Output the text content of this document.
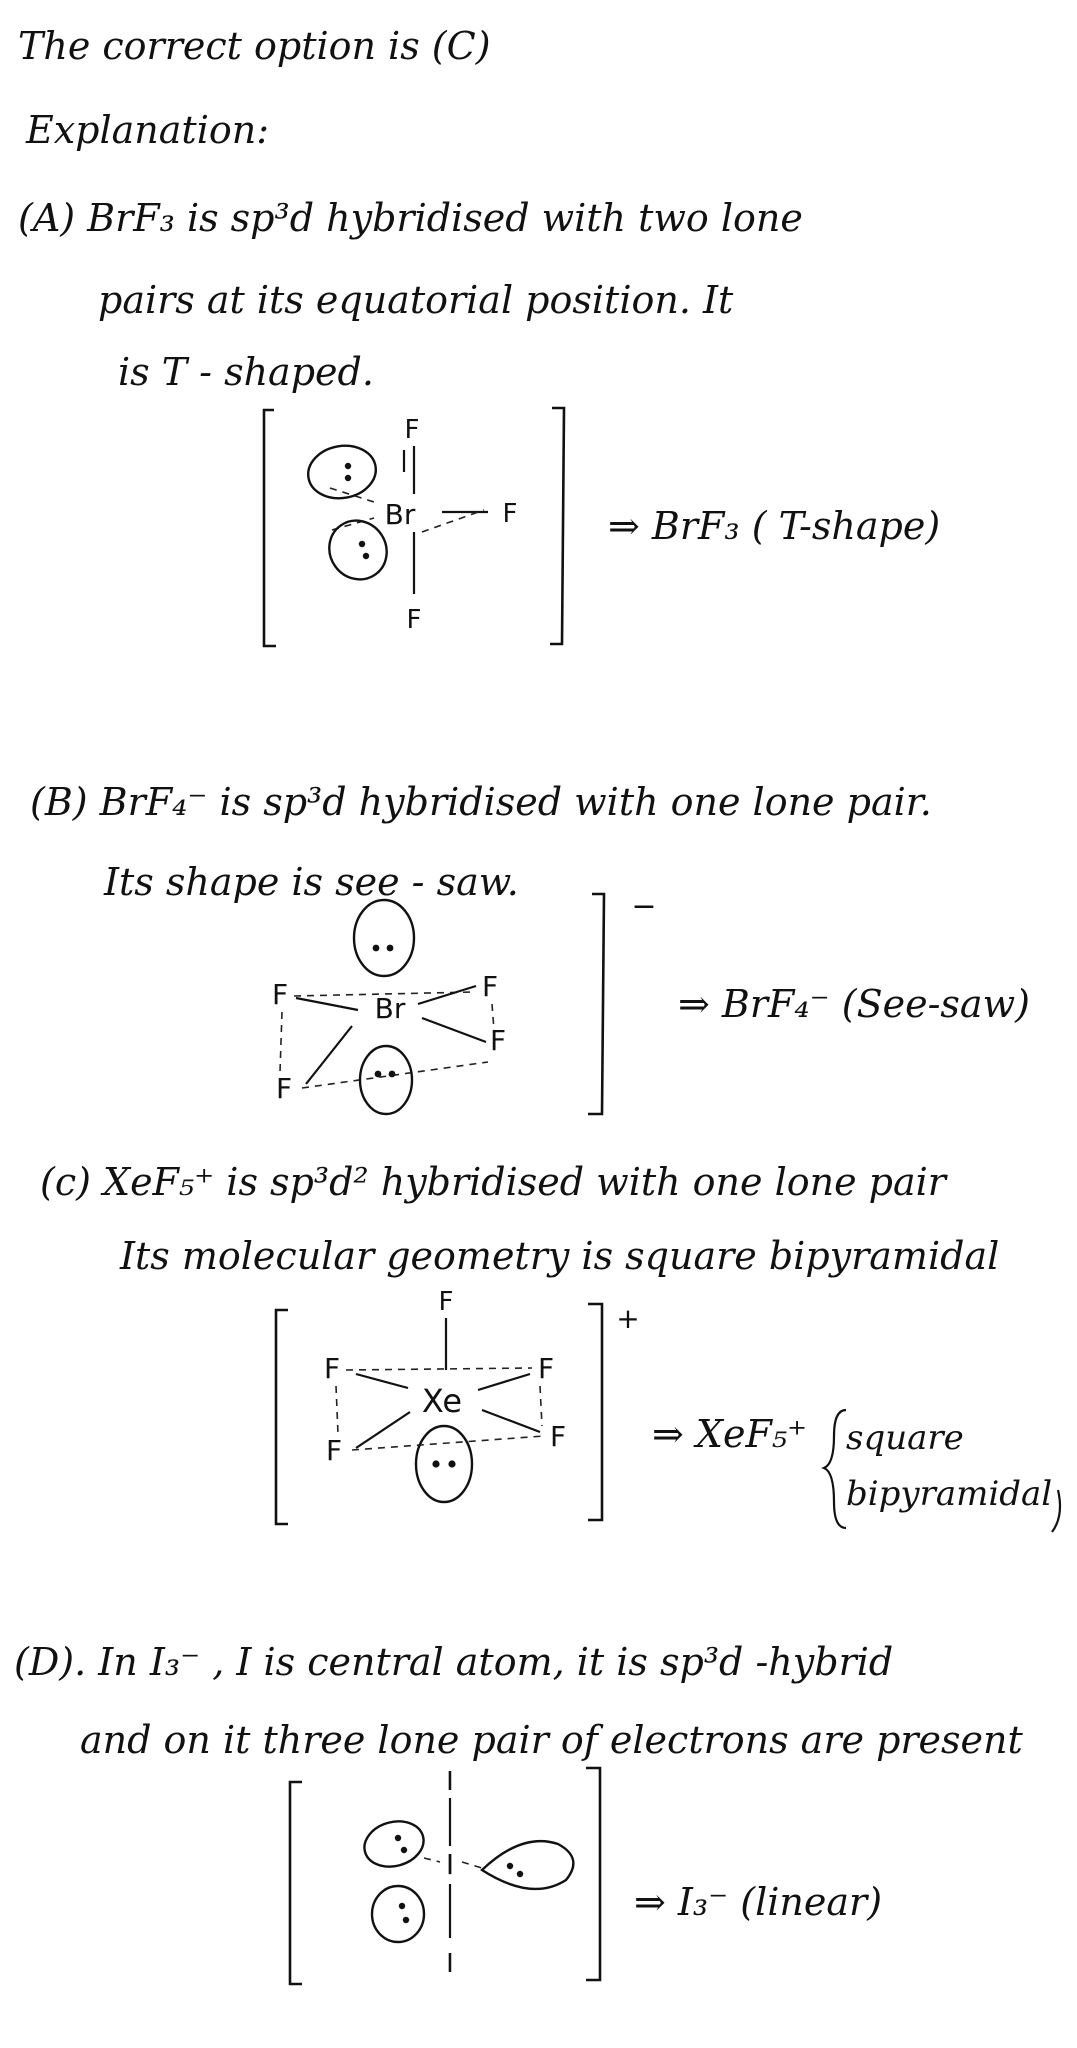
The correct option is (C)
Explanation:
(A) BrF₃ is sp³d hybridised with two lone
pairs at its equatorial position. It
is T - shaped.
F
Br	F
F
⇒ BrF₃ ( T-shape)
(B) BrF₄⁻ is sp³d hybridised with one lone pair.
Its shape is see - saw.
F	F
Br
F
F
−
⇒ BrF₄⁻ (See-saw)
(c) XeF₅⁺ is sp³d² hybridised with one lone pair
Its molecular geometry is square bipyramidal
+
F
F	F
Xe
F	F ⇒ XeF₅⁺ square
bipyramidal
(D). In I₃⁻ , I is central atom, it is sp³d -hybrid
and on it three lone pair of electrons are present
I
I
I
⇒ I₃⁻ (linear)
